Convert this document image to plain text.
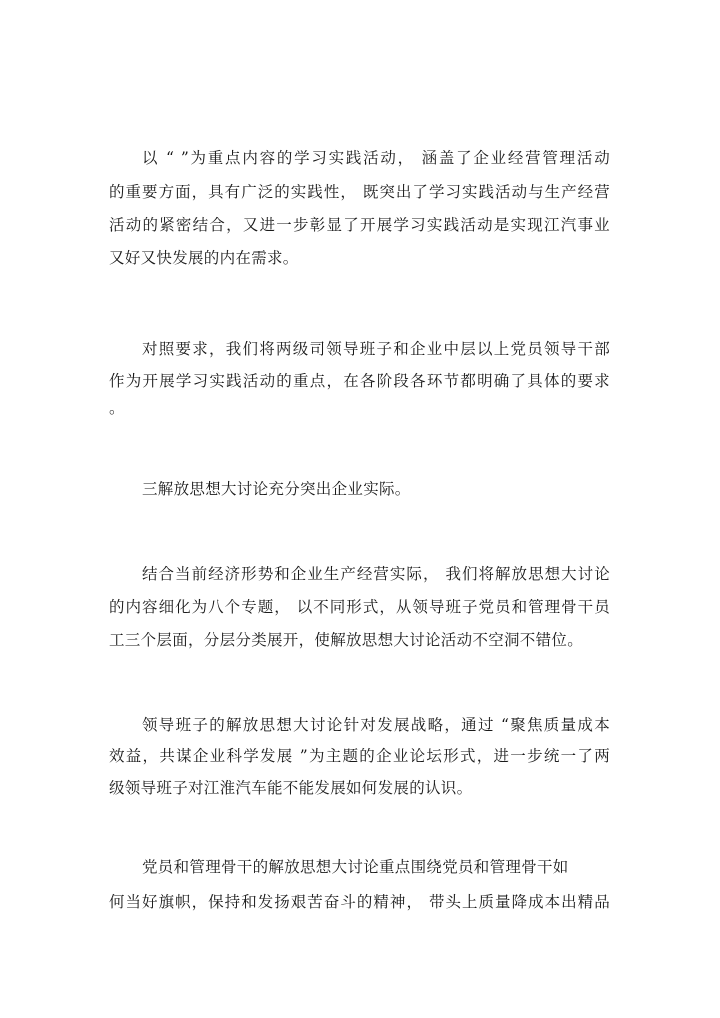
以 “ ”为重点内容的学习实践活动， 涵盖了企业经营管理活动
的重要方面，具有广泛的实践性， 既突出了学习实践活动与生产经营
活动的紧密结合，又进一步彰显了开展学习实践活动是实现江汽事业
又好又快发展的内在需求。
对照要求，我们将两级司领导班子和企业中层以上党员领导干部
作为开展学习实践活动的重点，在各阶段各环节都明确了具体的要求
。
三解放思想大讨论充分突出企业实际。
结合当前经济形势和企业生产经营实际， 我们将解放思想大讨论
的内容细化为八个专题， 以不同形式，从领导班子党员和管理骨干员
工三个层面，分层分类展开，使解放思想大讨论活动不空洞不错位。
领导班子的解放思想大讨论针对发展战略，通过 “聚焦质量成本
效益，共谋企业科学发展 ”为主题的企业论坛形式，进一步统一了两
级领导班子对江淮汽车能不能发展如何发展的认识。
党员和管理骨干的解放思想大讨论重点围绕党员和管理骨干如
何当好旗帜，保持和发扬艰苦奋斗的精神， 带头上质量降成本出精品
